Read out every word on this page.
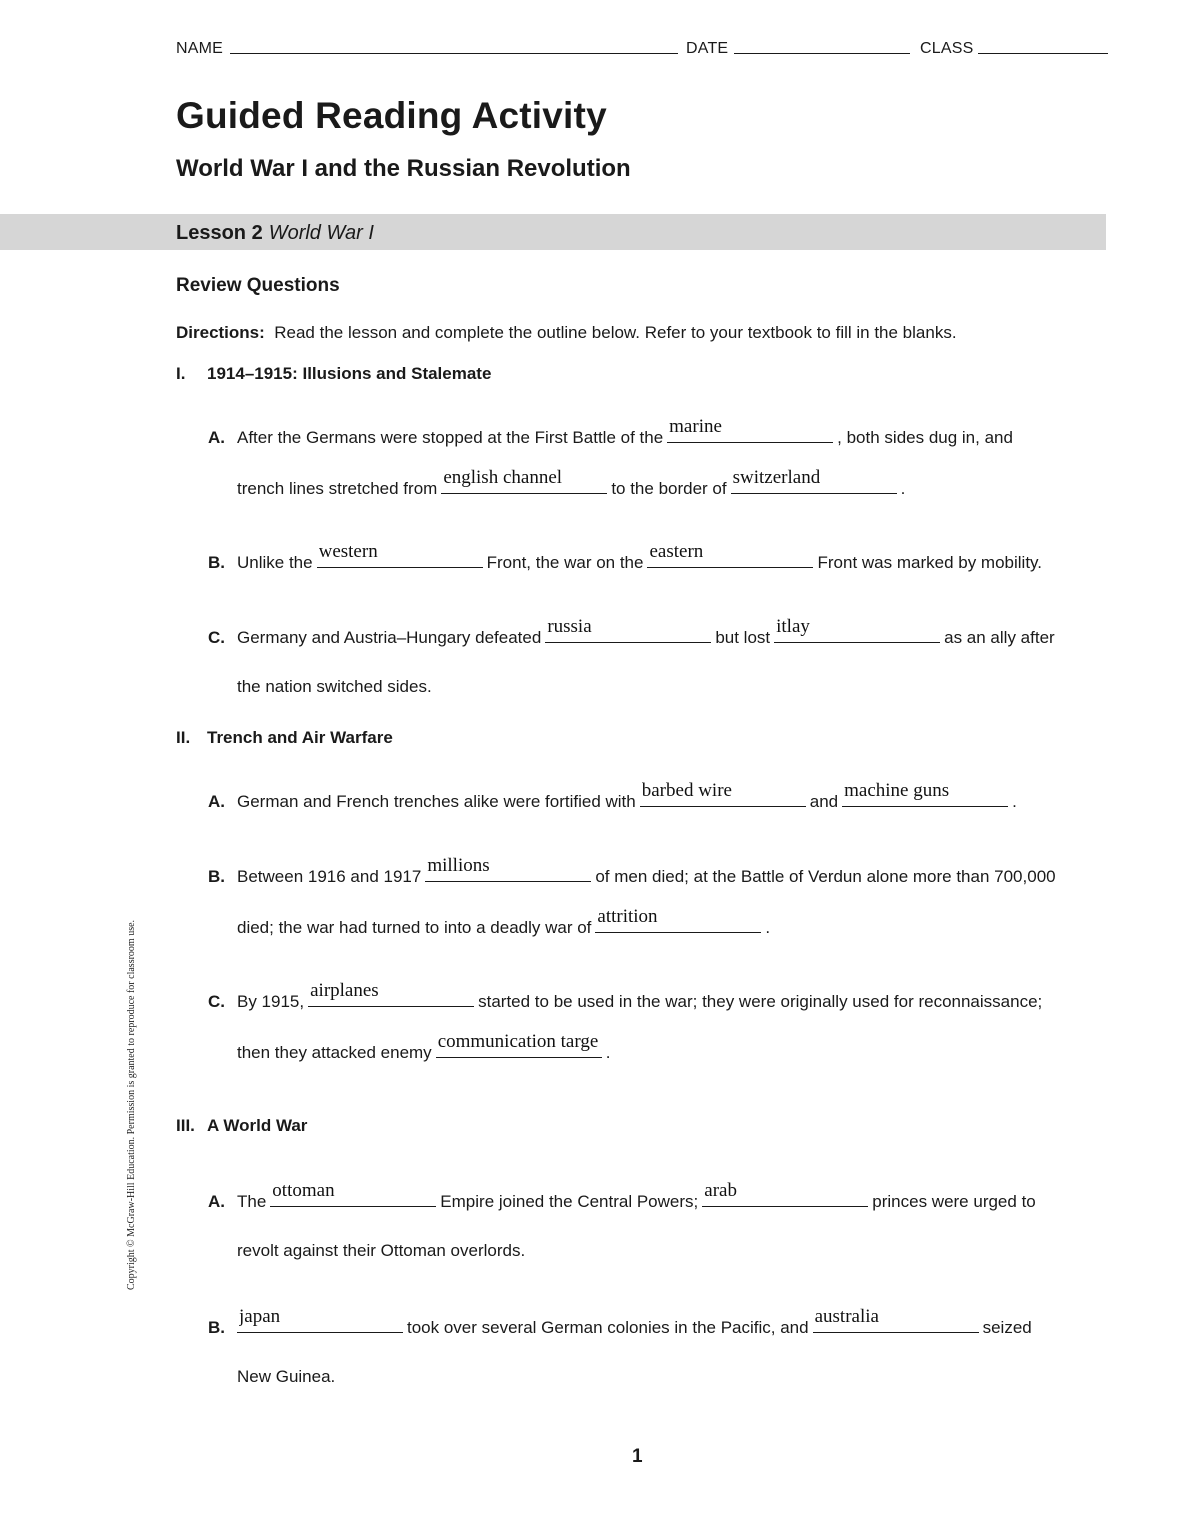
NAME	DATE	CLASS
Guided Reading Activity
World War I and the Russian Revolution
Lesson 2 World War I
Review Questions
Directions: Read the lesson and complete the outline below. Refer to your textbook to fill in the blanks.
I. 1914–1915: Illusions and Stalemate
A. After the Germans were stopped at the First Battle of the
marine
, both sides dug in, and
trench lines stretched from
english channel
to the border of
switzerland
.
B. Unlike the
western
Front, the war on the
eastern
Front was marked by mobility.
C. Germany and Austria–Hungary defeated
russia
but lost
itlay
as an ally after
the nation switched sides.
II. Trench and Air Warfare
A. German and French trenches alike were fortified with
barbed wire
and
machine guns
.
B. Between 1916 and 1917
millions
of men died; at the Battle of Verdun alone more than 700,000
died; the war had turned to into a deadly war of
attrition
.
C. By 1915,
airplanes
started to be used in the war; they were originally used for reconnaissance;
then they attacked enemy
communication targe
.
III. A World War
A. The
ottoman
Empire joined the Central Powers;
arab
princes were urged to
revolt against their Ottoman overlords.
B.
japan
took over several German colonies in the Pacific, and
australia
seized
New Guinea.
Copyright © McGraw-Hill Education. Permission is granted to reproduce for classroom use.
1
